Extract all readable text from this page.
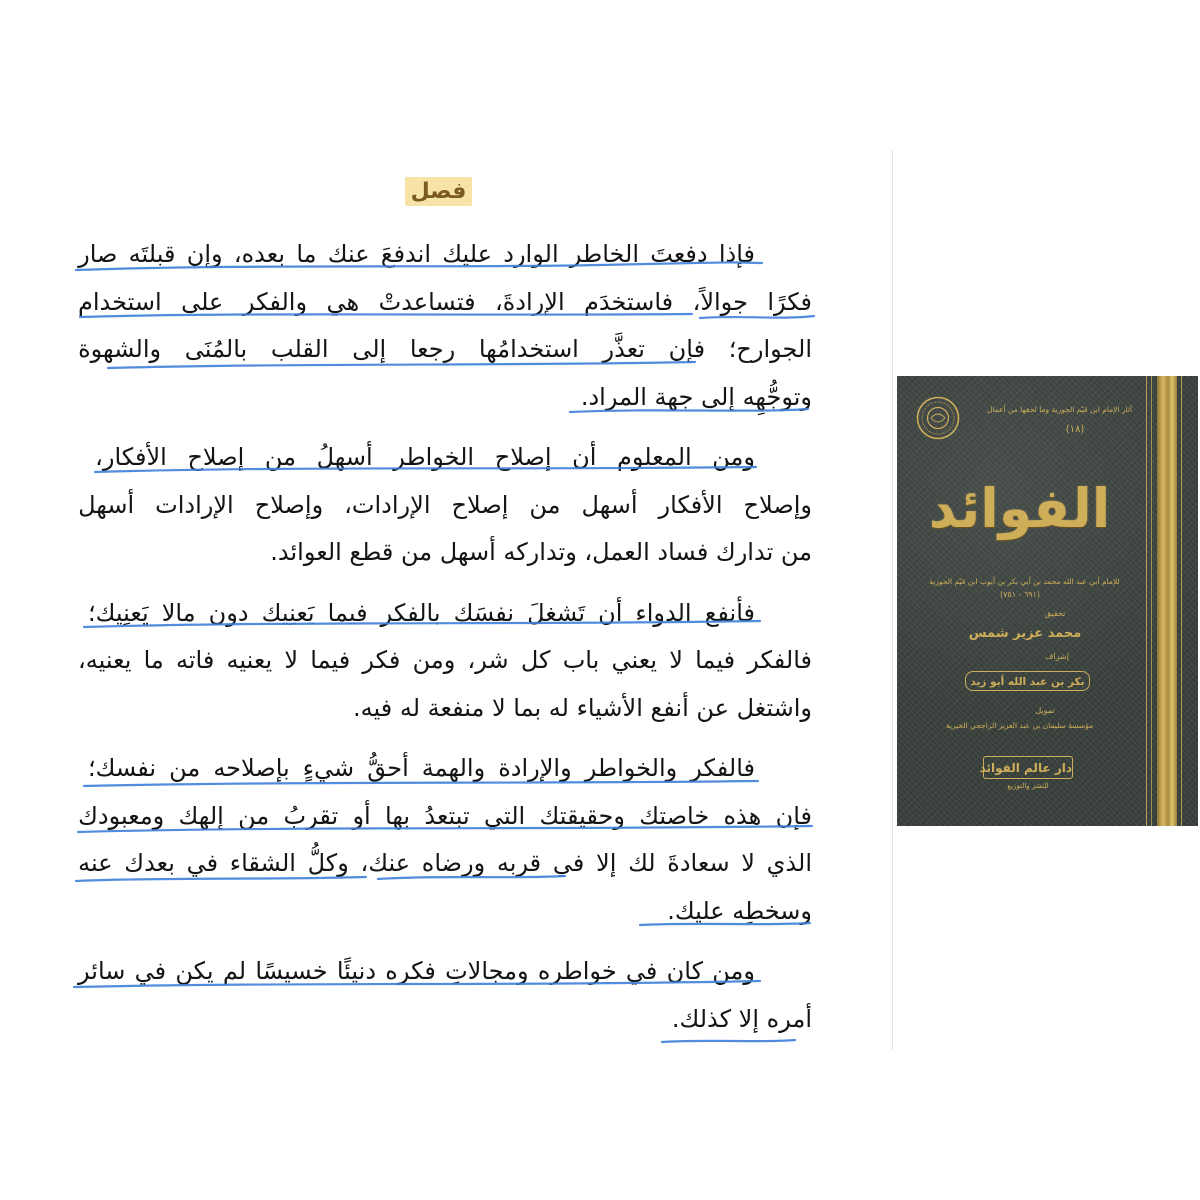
فصل
فإذا
دفعتَ
الخاطر
الوارد
عليك
اندفعَ
عنك
ما
بعده،
وإن
قبلتَه
صار
فكرًا
جوالاً،
فاستخدَم
الإرادةَ،
فتساعدتْ
هي
والفكر
على
استخدام
الجوارح؛
فإن
تعذَّر
استخدامُها
رجعا
إلى
القلب
بالمُنَى
والشهوة
وتوجُّهِه إلى جهة المراد.
ومن
المعلوم
أن
إصلاح
الخواطر
أسهلُ
من
إصلاح
الأفكار،
وإصلاح
الأفكار
أسهل
من
إصلاح
الإرادات،
وإصلاح
الإرادات
أسهل
من تدارك فساد العمل، وتداركه أسهل من قطع العوائد.
فأنفع
الدواء
أن
تَشغلَ
نفسَك
بالفكر
فيما
يَعنِيك
دون
مالا
يَعنِيك؛
فالفكر
فيما
لا
يعني
باب
كل
شر،
ومن
فكر
فيما
لا
يعنيه
فاته
ما
يعنيه،
واشتغل عن أنفع الأشياء له بما لا منفعة له فيه.
فالفكر
والخواطر
والإرادة
والهمة
أحقُّ
شيءٍ
بإصلاحه
من
نفسك؛
فإن
هذه
خاصتك
وحقيقتك
التي
تبتعدُ
بها
أو
تقربُ
من
إلهك
ومعبودك
الذي
لا
سعادةَ
لك
إلا
في
قربه
ورضاه
عنك،
وكلُّ
الشقاء
في
بعدك
عنه
وسخطِه عليك.
ومن
كان
في
خواطره
ومجالاتِ
فكره
دنيئًا
خسيسًا
لم
يكن
في
سائر
أمره إلا كذلك.
آثار الإمام ابن قيّم الجوزية وما لحقها من أعمال
(١٨)
الفوائد
للإمام أبي عبد الله محمد بن أبي بكر بن أيوب ابن قيّم الجوزية
(٦٩١ - ٧٥١)
تحقيق
محمد عزير شمس
إشراف
بكر بن عبد الله أبو زيد
تمويل
مؤسسة سليمان بن عبد العزيز الراجحي الخيرية
دار عالم الفوائد
للنشر والتوزيع
